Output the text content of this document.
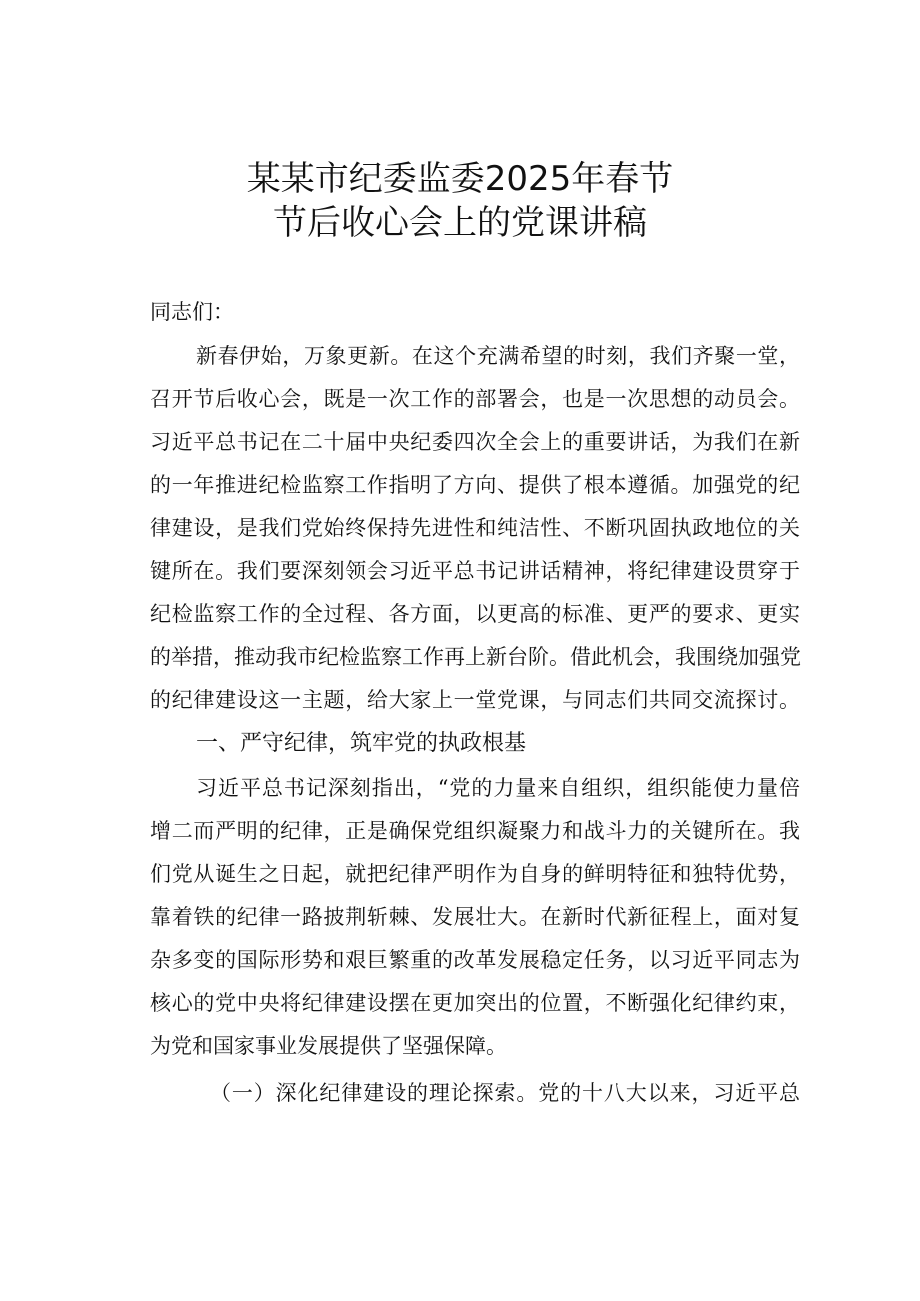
某某市纪委监委2025年春节
节后收心会上的党课讲稿
同志们：
新春伊始，万象更新。在这个充满希望的时刻，我们齐聚一堂，
召开节后收心会，既是一次工作的部署会，也是一次思想的动员会。
习近平总书记在二十届中央纪委四次全会上的重要讲话，为我们在新
的一年推进纪检监察工作指明了方向、提供了根本遵循。加强党的纪
律建设，是我们党始终保持先进性和纯洁性、不断巩固执政地位的关
键所在。我们要深刻领会习近平总书记讲话精神，将纪律建设贯穿于
纪检监察工作的全过程、各方面，以更高的标准、更严的要求、更实
的举措，推动我市纪检监察工作再上新台阶。借此机会，我围绕加强党
的纪律建设这一主题，给大家上一堂党课，与同志们共同交流探讨。
一、严守纪律，筑牢党的执政根基
习近平总书记深刻指出，“党的力量来自组织，组织能使力量倍
增二而严明的纪律，正是确保党组织凝聚力和战斗力的关键所在。我
们党从诞生之日起，就把纪律严明作为自身的鲜明特征和独特优势，
靠着铁的纪律一路披荆斩棘、发展壮大。在新时代新征程上，面对复
杂多变的国际形势和艰巨繁重的改革发展稳定任务，以习近平同志为
核心的党中央将纪律建设摆在更加突出的位置，不断强化纪律约束，
为党和国家事业发展提供了坚强保障。
（一）深化纪律建设的理论探索。党的十八大以来，习近平总
